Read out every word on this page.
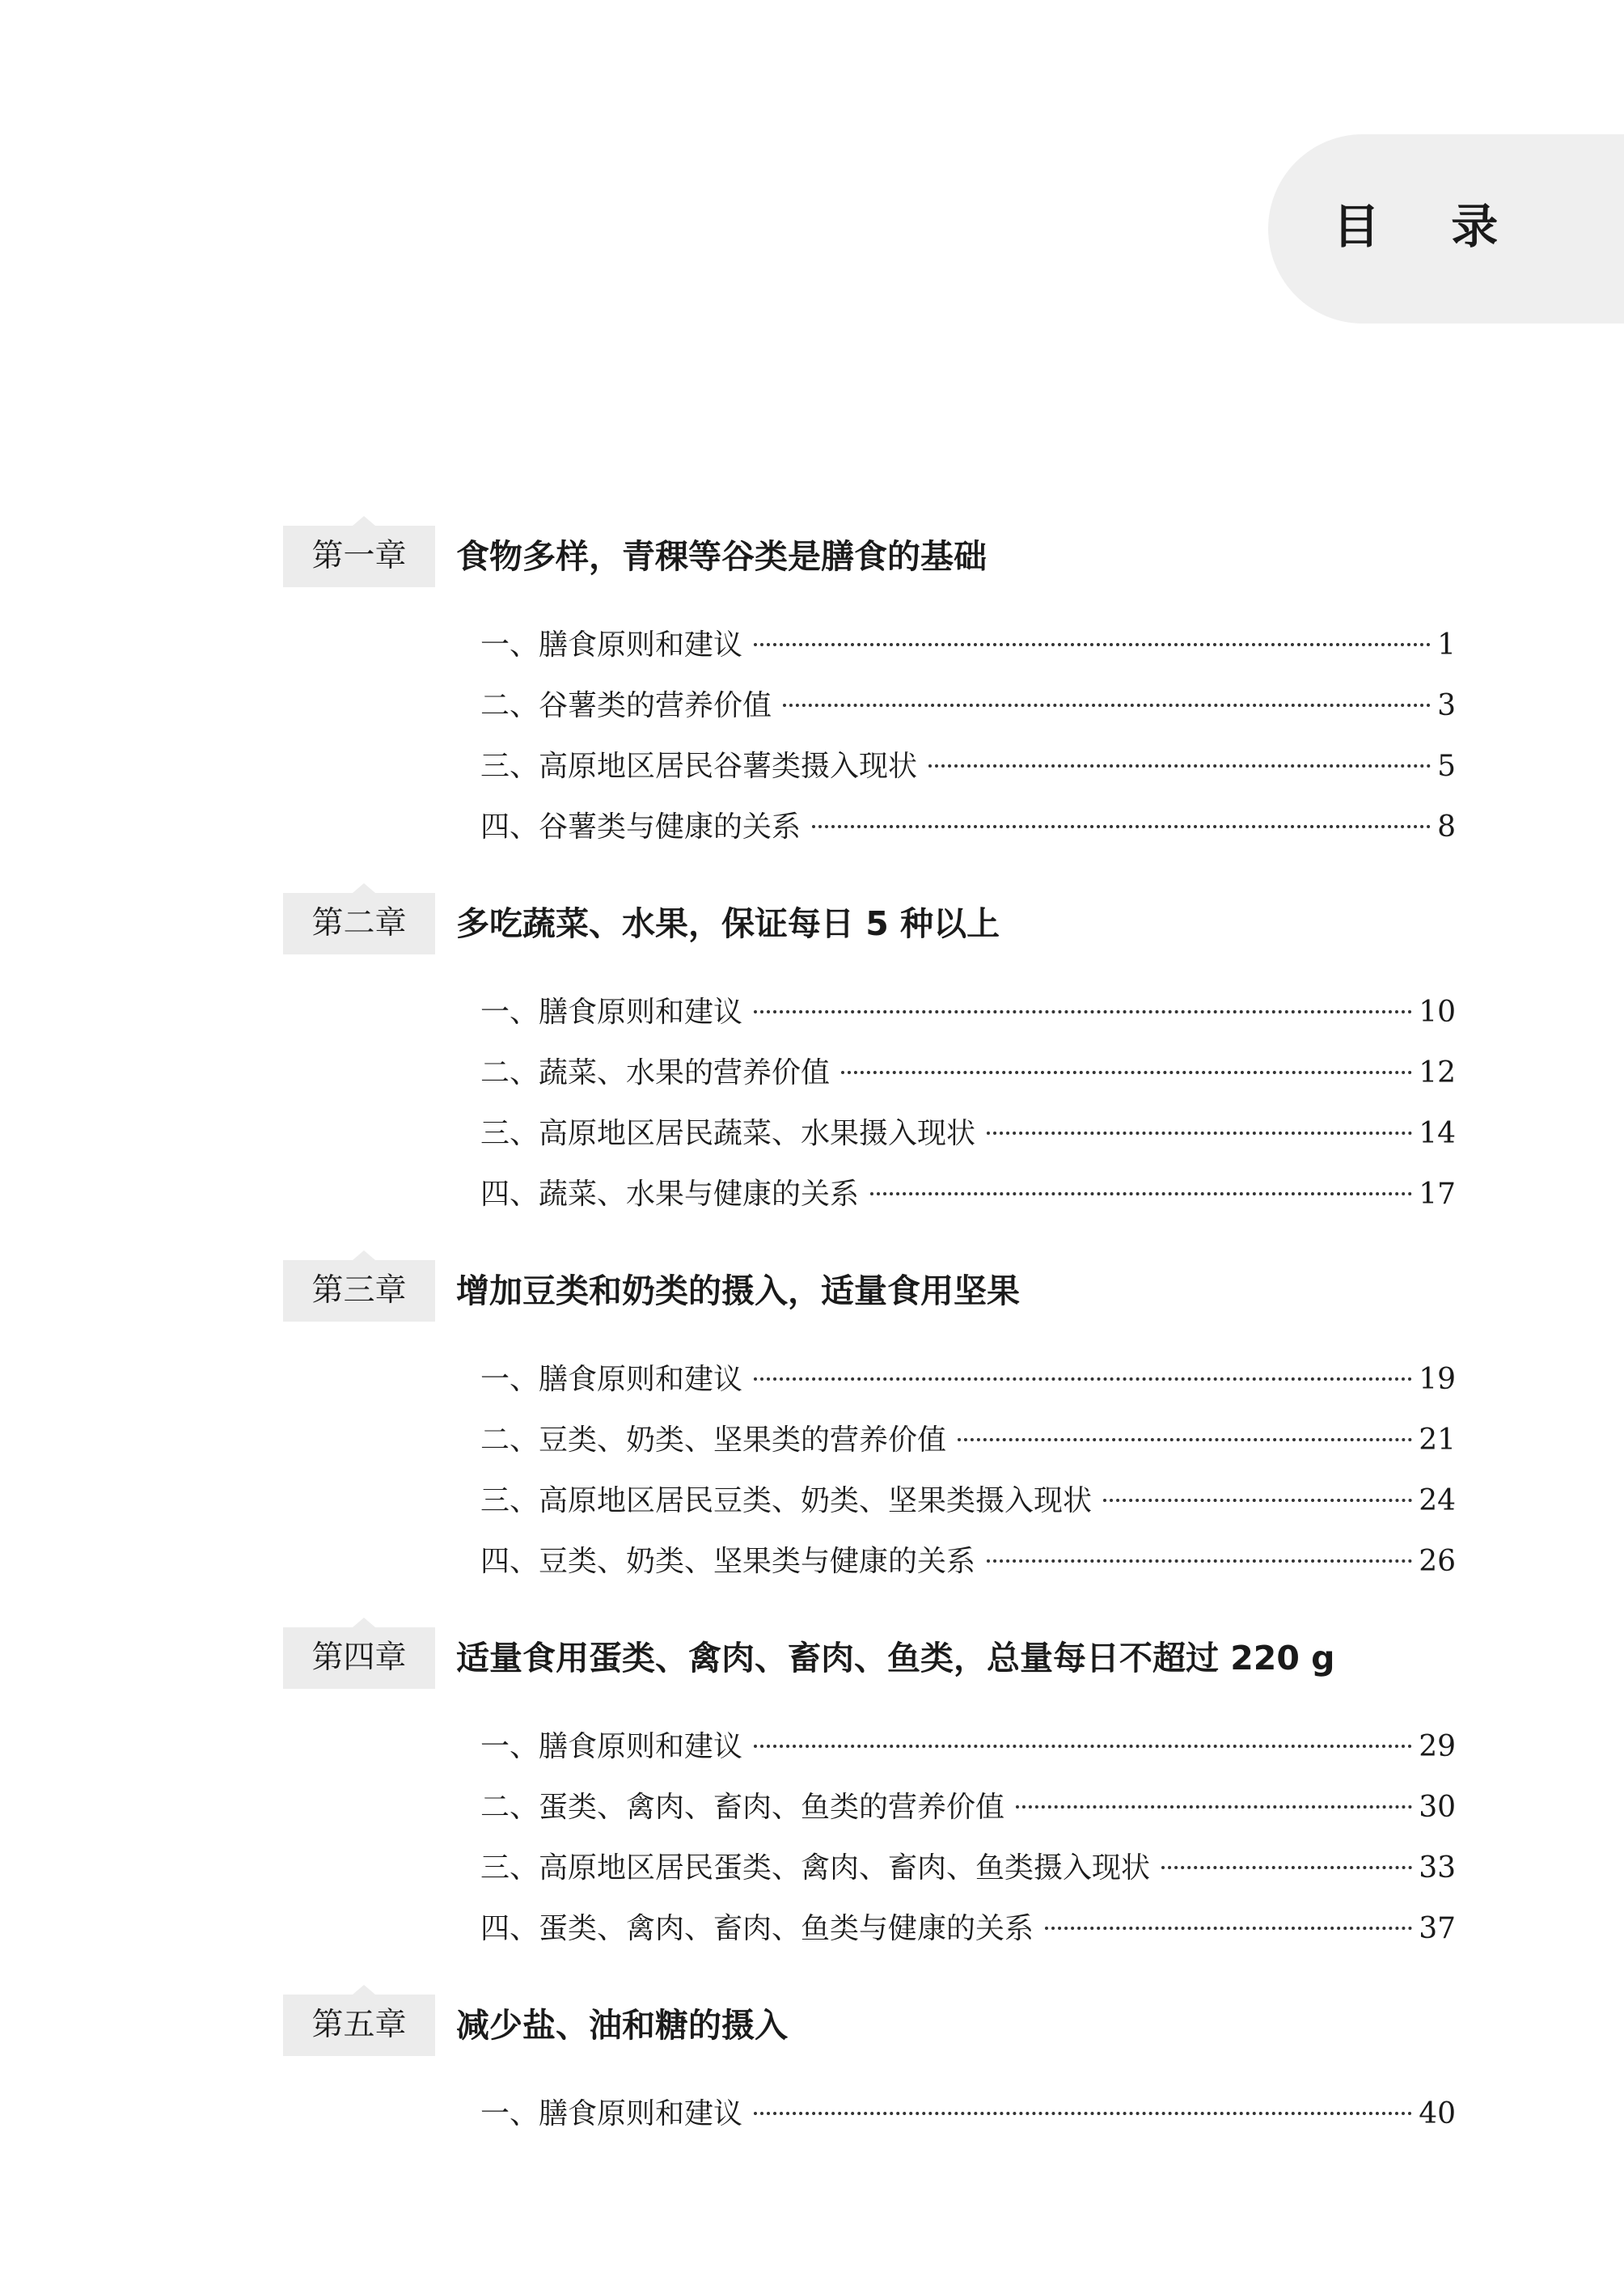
目 录
第一章	食物多样，青稞等谷类是膳食的基础
一、膳食原则和建议	1
二、谷薯类的营养价值	3
三、高原地区居民谷薯类摄入现状	5
四、谷薯类与健康的关系	8
第二章	多吃蔬菜、水果，保证每日 5 种以上
一、膳食原则和建议	10
二、蔬菜、水果的营养价值	12
三、高原地区居民蔬菜、水果摄入现状	14
四、蔬菜、水果与健康的关系	17
第三章	增加豆类和奶类的摄入，适量食用坚果
一、膳食原则和建议	19
二、豆类、奶类、坚果类的营养价值	21
三、高原地区居民豆类、奶类、坚果类摄入现状	24
四、豆类、奶类、坚果类与健康的关系	26
第四章	适量食用蛋类、禽肉、畜肉、鱼类，总量每日不超过 220 g
一、膳食原则和建议	29
二、蛋类、禽肉、畜肉、鱼类的营养价值	30
三、高原地区居民蛋类、禽肉、畜肉、鱼类摄入现状	33
四、蛋类、禽肉、畜肉、鱼类与健康的关系	37
第五章	减少盐、油和糖的摄入
一、膳食原则和建议	40
